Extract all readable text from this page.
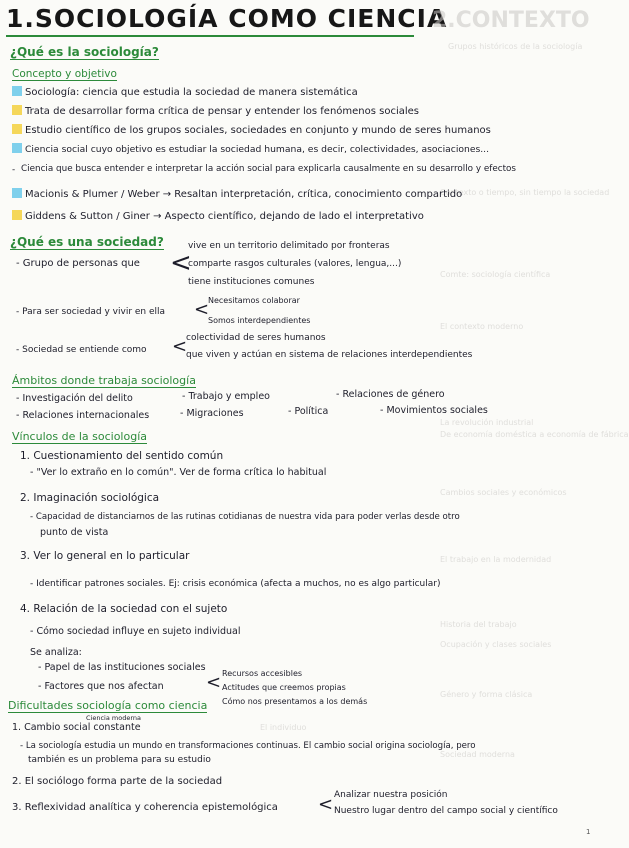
1.SOCIOLOGÍA COMO CIENCIA
2.CONTEXTO
Grupos históricos de la sociología
Contexto o tiempo, sin tiempo la sociedad
Comte: sociología científica
El contexto moderno
La revolución industrial
De economía doméstica a economía de fábrica
Cambios sociales y económicos
El trabajo en la modernidad
Historia del trabajo
Ocupación y clases sociales
Género y forma clásica
El individuo
Sociedad moderna
¿Qué es la sociología?
Concepto y objetivo
Sociología: ciencia que estudia la sociedad de manera sistemática
Trata de desarrollar forma crítica de pensar y entender los fenómenos sociales
Estudio científico de los grupos sociales, sociedades en conjunto y mundo de seres humanos
Ciencia social cuyo objetivo es estudiar la sociedad humana, es decir, colectividades, asociaciones...
- Ciencia que busca entender e interpretar la acción social para explicarla causalmente en su desarrollo y efectos
Macionis & Plumer / Weber → Resaltan interpretación, crítica, conocimiento compartido
Giddens & Sutton / Giner → Aspecto científico, dejando de lado el interpretativo
¿Qué es una sociedad?
- Grupo de personas que <
vive en un territorio delimitado por fronteras
comparte rasgos culturales (valores, lengua,...)
tiene instituciones comunes
- Para ser sociedad y vivir en ella <
Necesitamos colaborar
Somos interdependientes
- Sociedad se entiende como <
colectividad de seres humanos
que viven y actúan en sistema de relaciones interdependientes
Ámbitos donde trabaja sociología
- Investigación del delito	- Trabajo y empleo	- Relaciones de género
- Relaciones internacionales	- Migraciones	- Política	- Movimientos sociales
Vínculos de la sociología
1. Cuestionamiento del sentido común
- "Ver lo extraño en lo común". Ver de forma crítica lo habitual
2. Imaginación sociológica
- Capacidad de distanciarnos de las rutinas cotidianas de nuestra vida para poder verlas desde otro
punto de vista
3. Ver lo general en lo particular
- Identificar patrones sociales. Ej: crisis económica (afecta a muchos, no es algo particular)
4. Relación de la sociedad con el sujeto
- Cómo sociedad influye en sujeto individual
Se analiza:
- Papel de las instituciones sociales
- Factores que nos afectan < Recursos accesibles
Actitudes que creemos propias
Cómo nos presentamos a los demás
Dificultades sociología como ciencia
1. Cambio social constante
Ciencia moderna
- La sociología estudia un mundo en transformaciones continuas. El cambio social origina sociología, pero
también es un problema para su estudio
2. El sociólogo forma parte de la sociedad
3. Reflexividad analítica y coherencia epistemológica < Analizar nuestra posición
Nuestro lugar dentro del campo social y científico
1
